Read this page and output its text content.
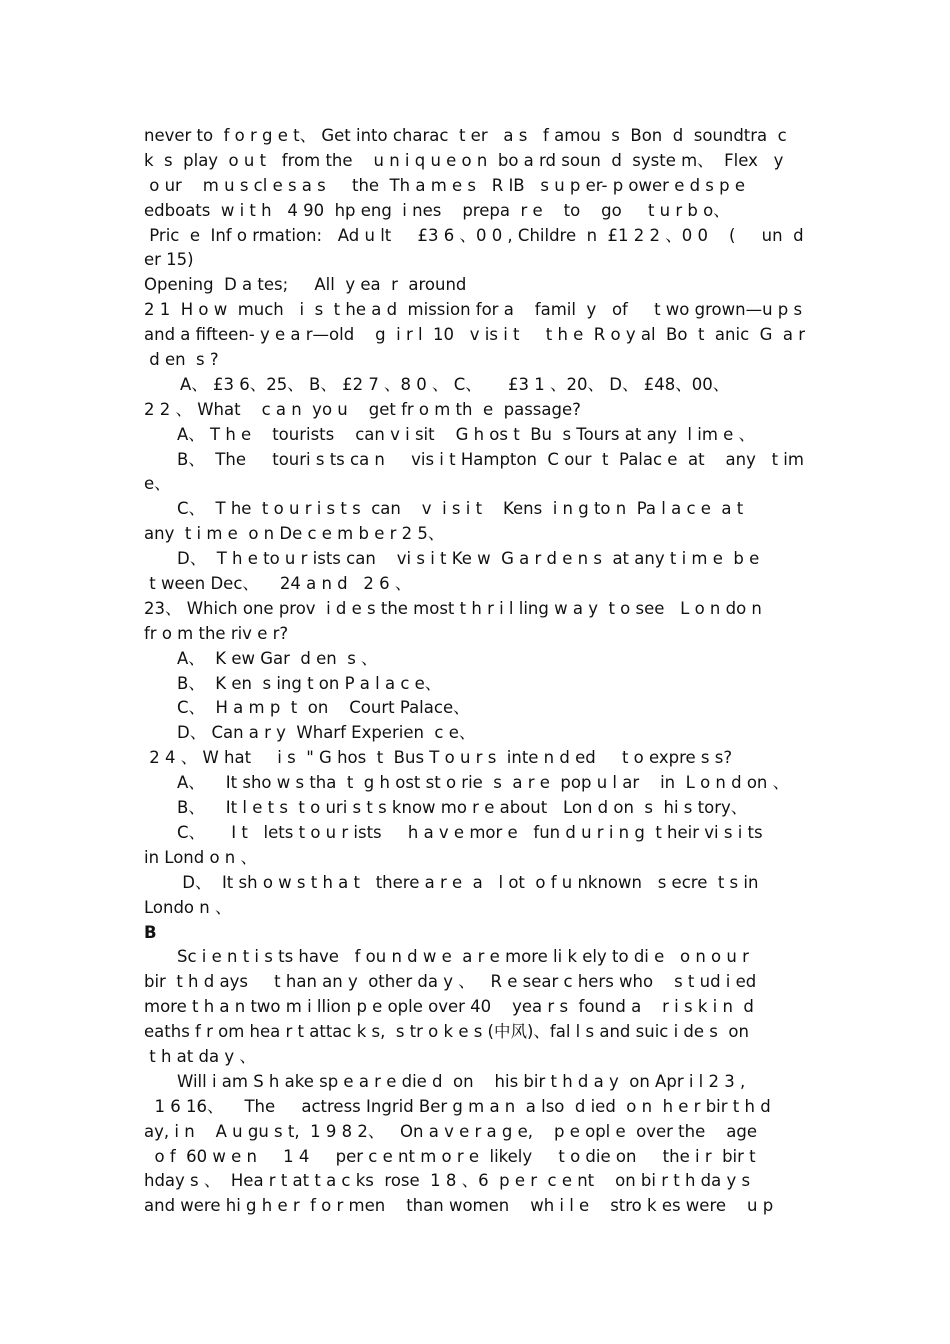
never to  f o r g e t、 Get into charac  t er   a s   f amou  s  Bon  d  soundtra  c
k  s  play  o u t   from the    u n i q u e o n  bo a rd soun  d  syste m、  Flex   y
o ur    m u s cl e s a s     the  Th a m e s   R IB   s u p er- p ower e d s p e
edboats  w i t h   4 90  hp eng  i nes    prepa  r e    to    go     t u r b o、
Pric  e  Inf o rmation:   Ad u lt     £3 6 、0 0 , Childre  n  £1 2 2 、0 0    (     un  d
er 15)
Opening  D a tes;     All  y ea  r  around
2 1  H o w  much   i  s  t he a d  mission for a    famil  y   of     t wo grown—u p s
and a fifteen- y e a r—old    g  i r l  10   v is i t     t h e  R o y al  Bo  t  anic  G  a r
d en  s ?
A、 £3 6、25、 B、 £2 7 、8 0 、 C、     £3 1 、20、 D、 £48、00、
2 2 、 What    c a n  yo u    get fr o m th  e  passage?
A、 T h e    tourists    can v i sit    G h os t  Bu  s Tours at any  l im e 、
B、  The     touri s ts ca n     vis i t Hampton  C our  t  Palac e  at    any   t im
e、
C、  T he  t o u r i s t s  can    v  i s i t    Kens  i n g to n  Pa l a c e  a t
any  t i m e  o n De c e m b e r 2 5、
D、  T h e to u r ists can    vi s i t Ke w  G a r d e n s  at any t i m e  b e
t ween Dec、    24 a n d   2 6 、
23、 Which one prov  i d e s the most t h r i l ling w a y  t o see   L o n do n
fr o m the riv e r?
A、  K ew Gar  d en  s 、
B、  K en  s ing t on P a l a c e、
C、  H a m p  t  on    Court Palace、
D、 Can a r y  Wharf Experien  c e、
2 4 、 W hat     i s  " G hos  t  Bus T o u r s  inte n d ed     t o expre s s?
A、    It sho w s tha  t  g h ost st o rie  s  a r e  pop u l ar    in  L o n d on 、
B、    It l e t s  t o uri s t s know mo r e about   Lon d on  s  hi s tory、
C、     I t   lets t o u r ists     h a v e mor e   fun d u r i n g  t heir vi s i ts
in Lond o n 、
D、  It sh o w s t h a t   there a r e  a   l ot  o f u nknown   s ecre  t s in
Londo n 、
B
Sc i e n t i s ts have   f ou n d w e  a r e more li k ely to di e   o n o u r
bir  t h d ays     t han an y  other da y 、   R e sear c hers who    s t ud i ed
more t h a n two m i llion p e ople over 40    yea r s  found a    r i s k i n  d
eaths f r om hea r t attac k s,  s tr o k e s (中风)、fal l s and suic i de s  on
t h at da y 、
Will i am S h ake sp e a r e die d  on    his bir t h d a y  on Apr i l 2 3 ,
1 6 16、    The     actress Ingrid Ber g m a n  a lso  d ied  o n  h e r bir t h d
ay, i n    A u gu s t,  1 9 8 2、   On a v e r a g e,    p e opl e  over the    age
o f  60 w e n     1 4     per c e nt m o r e  likely     t o die on     the i r  bir t
hday s 、  Hea r t at t a c ks  rose  1 8 、6  p e r  c e nt    on bi r t h da y s
and were hi g h e r  f o r men    than women    wh i l e    stro k es were    u p
